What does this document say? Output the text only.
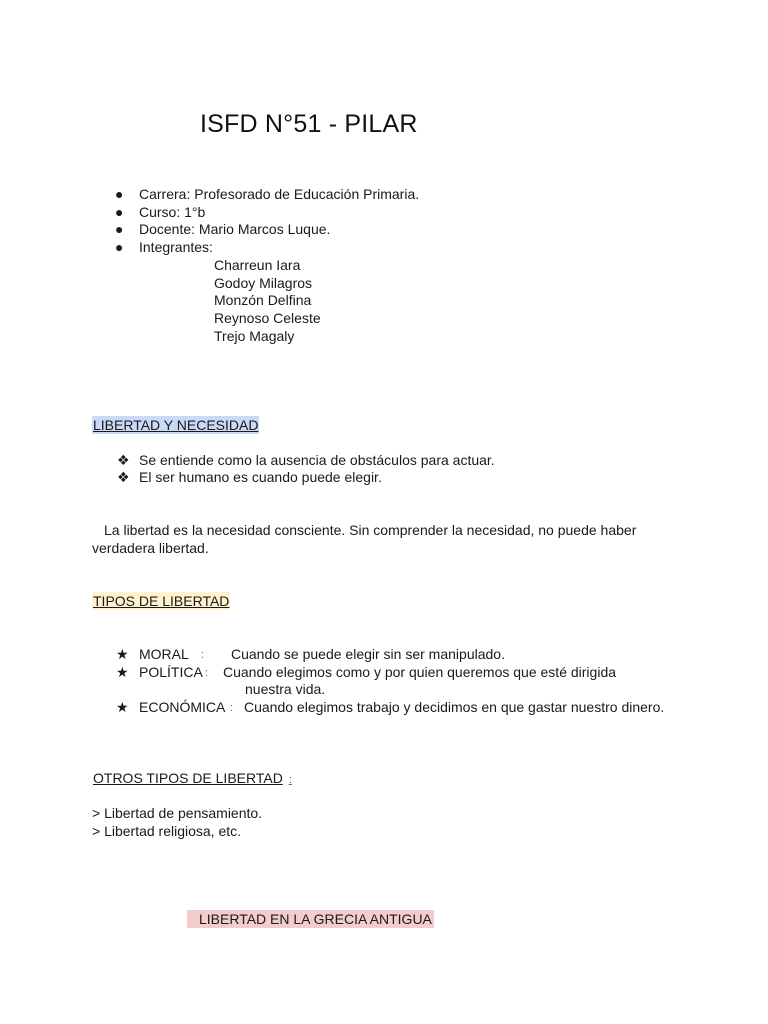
ISFD N°51 - PILAR
● Carrera: Profesorado de Educación Primaria.
● Curso: 1°b
● Docente: Mario Marcos Luque.
● Integrantes:
Charreun Iara
Godoy Milagros
Monzón Delfina
Reynoso Celeste
Trejo Magaly
LIBERTAD Y NECESIDAD
❖ Se entiende como la ausencia de obstáculos para actuar.
❖ El ser humano es cuando puede elegir.
La libertad es la necesidad consciente. Sin comprender la necesidad, no puede haber
verdadera libertad.
TIPOS DE LIBERTAD
★ MORAL : Cuando se puede elegir sin ser manipulado.
★ POLÍTICA : Cuando elegimos como y por quien queremos que esté dirigida
nuestra vida.
★ ECONÓMICA : Cuando elegimos trabajo y decidimos en que gastar nuestro dinero.
OTROS TIPOS DE LIBERTAD :
> Libertad de pensamiento.
> Libertad religiosa, etc.
LIBERTAD EN LA GRECIA ANTIGUA
